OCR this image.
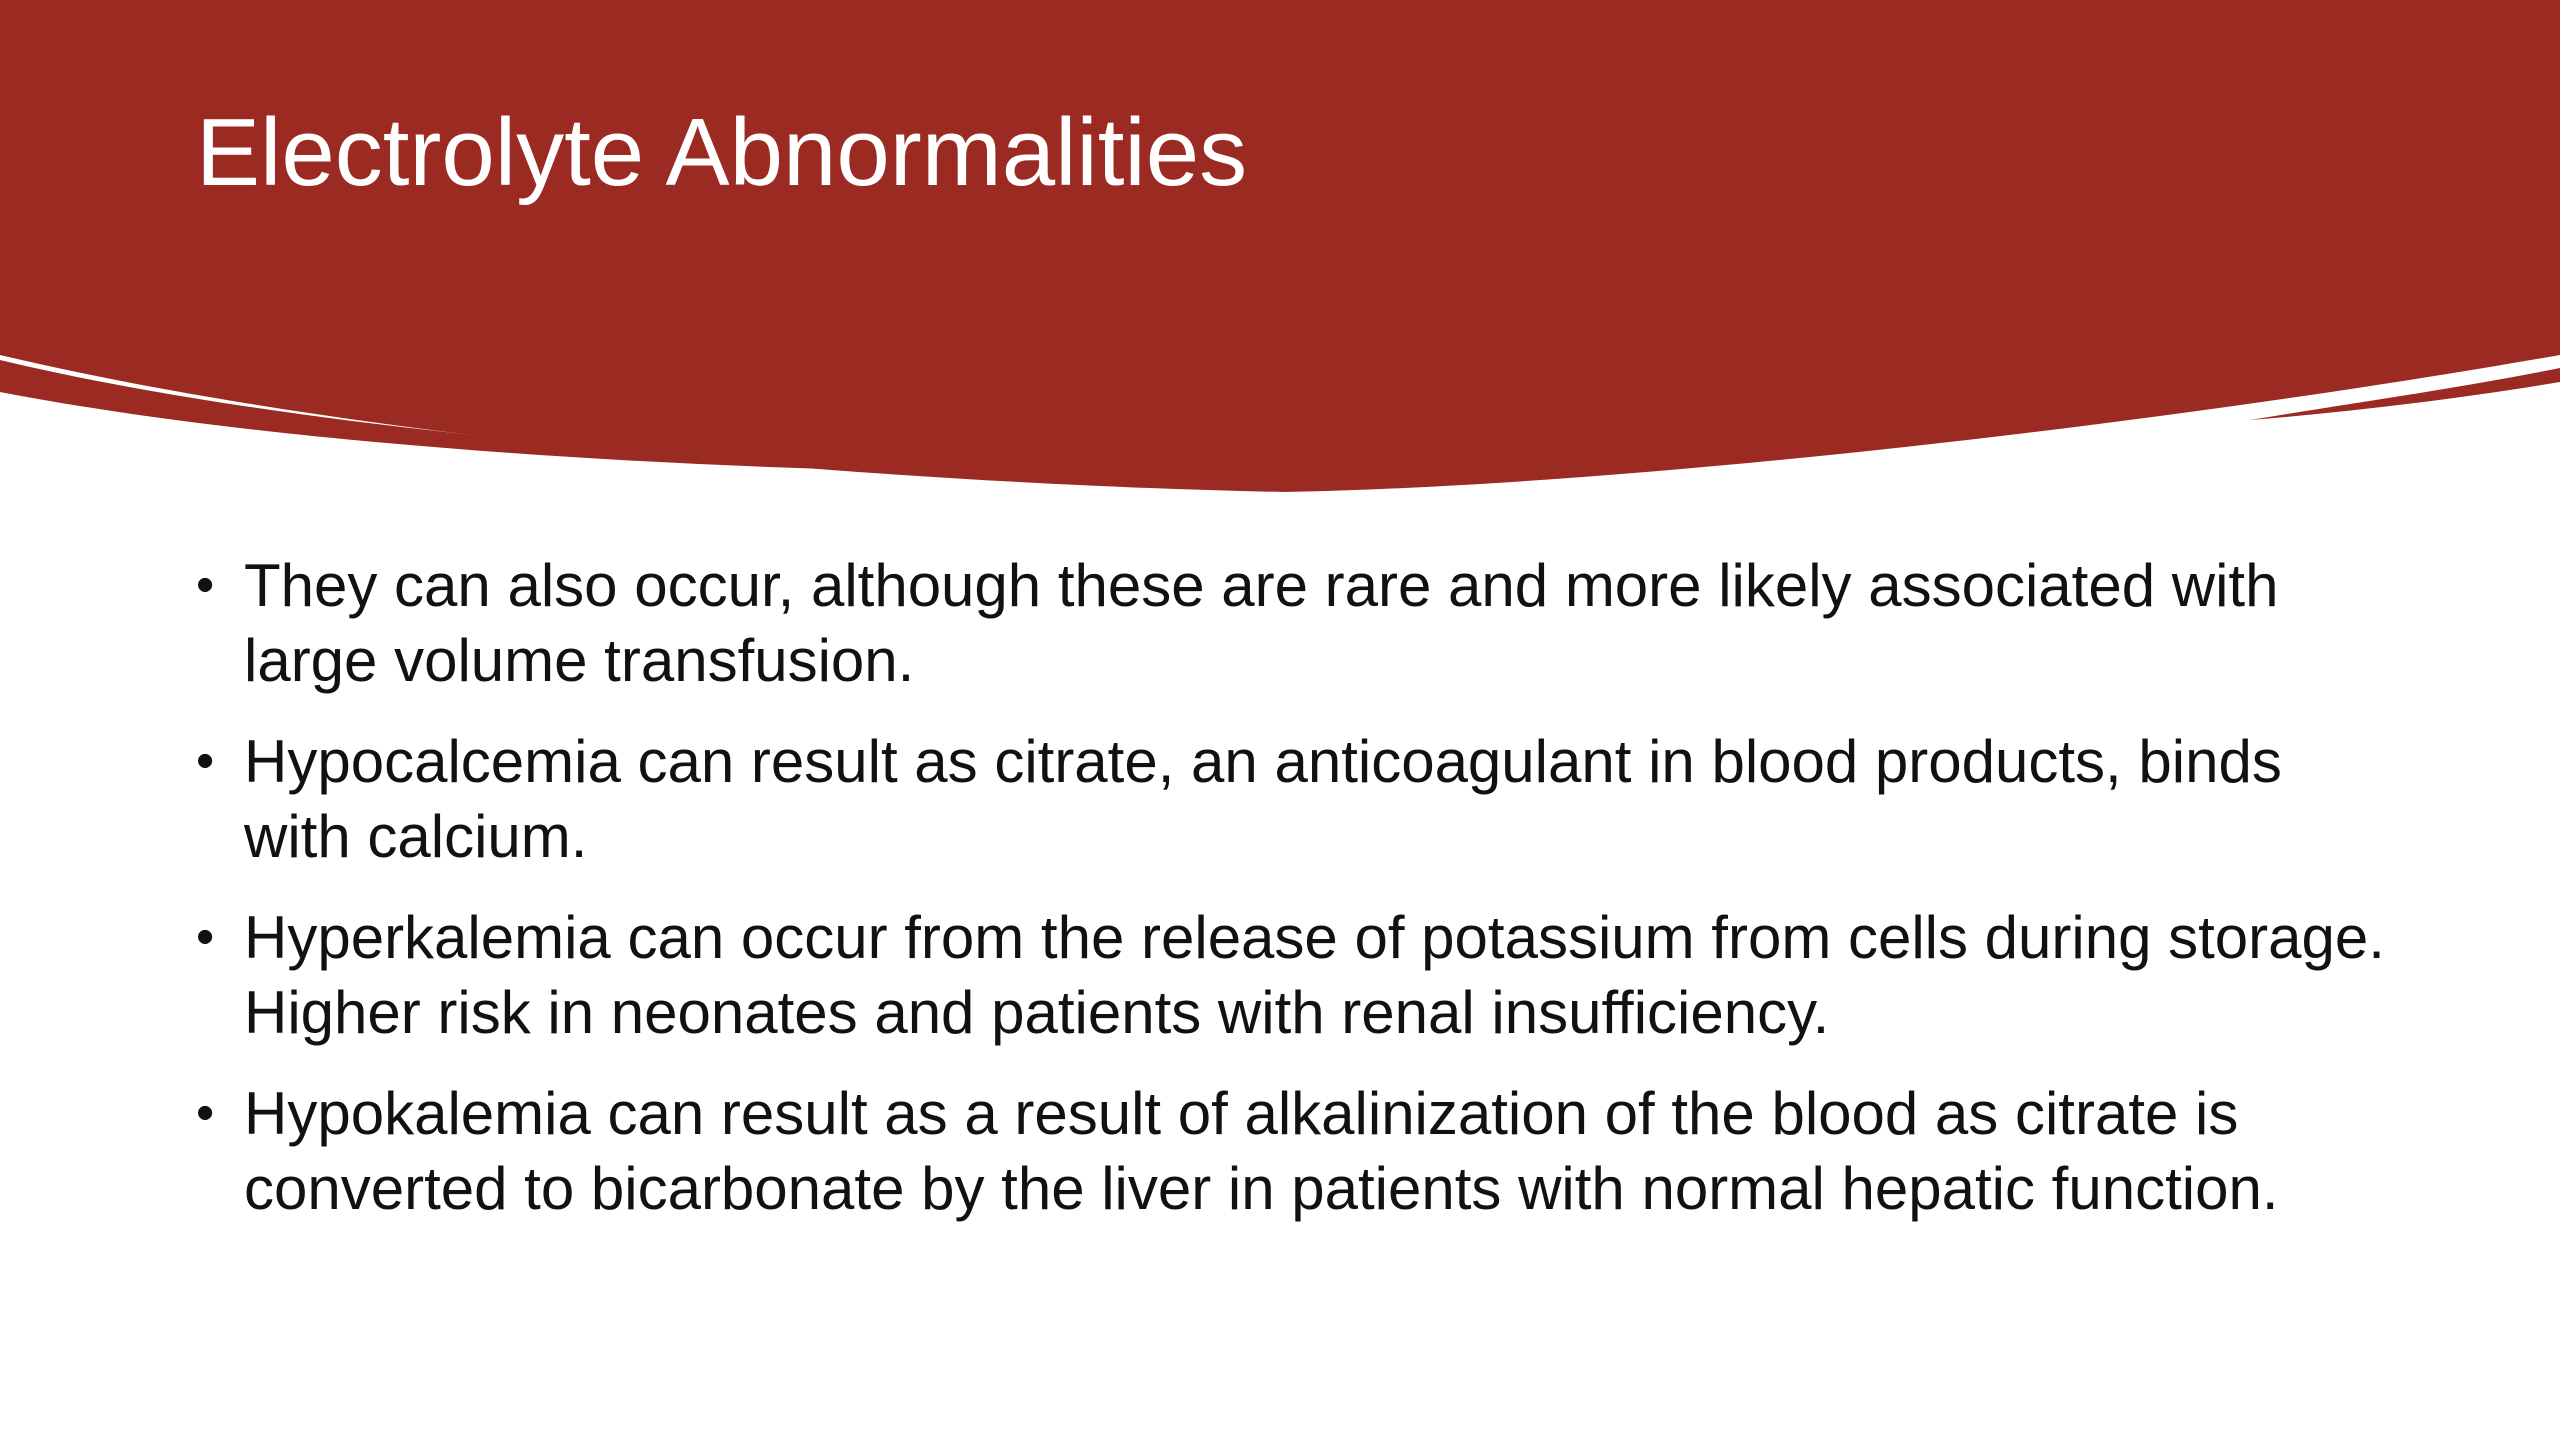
Electrolyte Abnormalities
• They can also occur, although these are rare and more likely associated with large volume transfusion.
• Hypocalcemia can result as citrate, an anticoagulant in blood products, binds with calcium.
• Hyperkalemia can occur from the release of potassium from cells during storage. Higher risk in neonates and patients with renal insufficiency.
• Hypokalemia can result as a result of alkalinization of the blood as citrate is converted to bicarbonate by the liver in patients with normal hepatic function.
